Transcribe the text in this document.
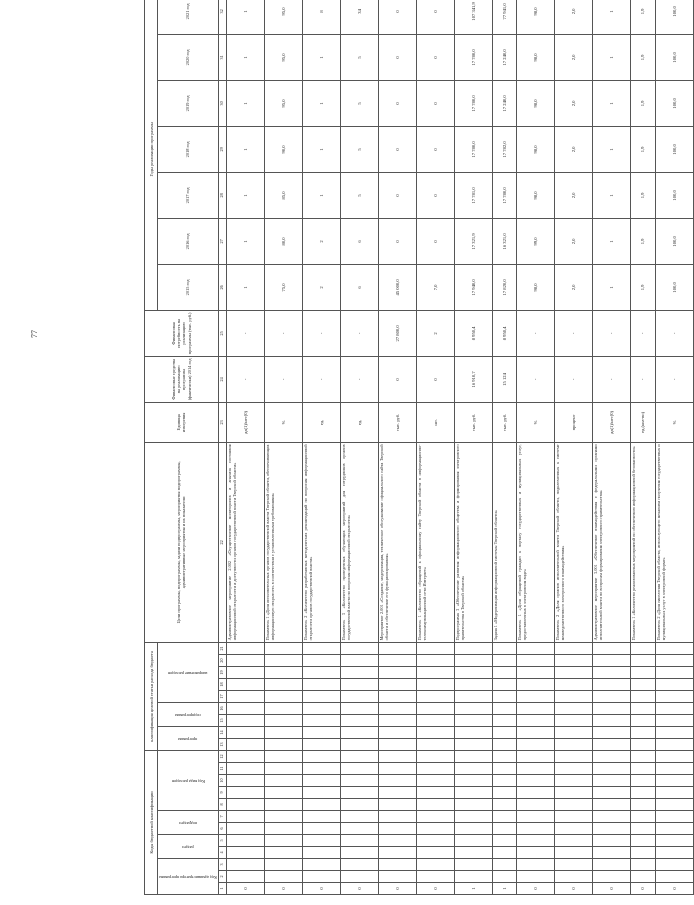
77
Коды бюджетной классификации												классификация целевой статьи расхода бюджета									Цели программы, подпрограммы, задачи подпрограммы, мероприятия подпрограммы, административные мероприятия и их показатели	Единица измерения	Финансовые средства на реализацию программы (фактически) 2014 год	Финансовая потребность на реализацию программы (тыс. руб.)	Годы реализации программы	

Код администратора программы			раздел		подраздел		Код вида расходов					программа		подпрограмма		направление расходов									2015 год	2016 год	2017 год	2018 год	2019 год	2020 год	2021 год		

1	2	3	4	5	6	7	8	9	10	11	12	13	14	15	16	17	18	19	20	21	22	23	24	25	26	27	28	29	30	31	32		
0																					Административное мероприятие 2.002 «Осуществление мониторинга и анализа состояния информационной открытости и доступности органов государственной власти Тверской области»	да(1)/нет(0)	-	-	1	1	1	1	1	1	1		
0																					Показатель 1 «Доля исполнительных органов государственной власти Тверской области, обеспечивающих информационную открытость в соответствии с установленными требованиями»	%	-	-	75,0	80,0	85,0	90,0	95,0	95,0	95,0		
0																					Показатель 2 «Количество разработанных методических рекомендаций по вопросам информационной открытости органов государственной власти»	ед.	-	-	2	2	1	1	1	1	8		
0																					Показатель 3 «Количество проведенных обучающих мероприятий для сотрудников органов государственной власти по вопросам информационной открытости»	ед.	-	-	6	6	5	5	5	5	34		
0																					Мероприятие 2.001 «Создание, модернизация, техническое обслуживание официального сайта Тверской области и обеспечение его функционирования»	тыс. руб.	0	27 800,0	45 000,0	0	0	0	0	0	0		
0																					Показатель 1 «Количество обращений к официальному сайту Тверской области в информационно-телекоммуникационной сети Интернет»	шт.	0	2	7,0	0	0	0	0	0	0		
1																					Подпрограмма 3 «Обеспечение развития информационного общества и формирования электронного правительства в Тверской области»	тыс. руб.	16 910,7	8 950,4	17 940,0	17 321,9	17 781,0	17 780,0	17 780,0	17 780,0	107 341,9		
1																					Задача 1 «Модернизация информационной системы Тверской области»	тыс. руб.	15 124	8 950,4	17 820,0	16 321,0	17 780,0	17 782,0	17 240,0	17 240,0	77 941,0		
0																					Показатель 1 «Доля обращений граждан к порталу государственных и муниципальных услуг, предоставленных в электронном виде»	%	-	-	98,0	99,0	98,0	98,0	98,0	98,0	98,0		
0																					Показатель 2 «Доля органов исполнительной власти Тверской области, подключенных к системе межведомственного электронного взаимодействия»	процент	-	-	2,0	2,0	2,0	2,0	2,0	2,0	2,0		
0																					Административное мероприятие 3.001 «Обеспечение взаимодействия с федеральными органами исполнительной власти по вопросам формирования электронного правительства»	да(1)/нет(0)	-	-	1	1	1	1	1	1	1		
0																					Показатель 1 «Количество реализованных мероприятий по обеспечению информационной безопасности»	ед.(кол-во)	-	-	1,9	1,9	1,9	1,9	1,9	1,9	1,9		
0																					Показатель 2 «Доля населения Тверской области, использующего механизм получения государственных и муниципальных услуг в электронной форме»	%	-	-	100,0	100,0	100,0	100,0	100,0	100,0	100,0		
